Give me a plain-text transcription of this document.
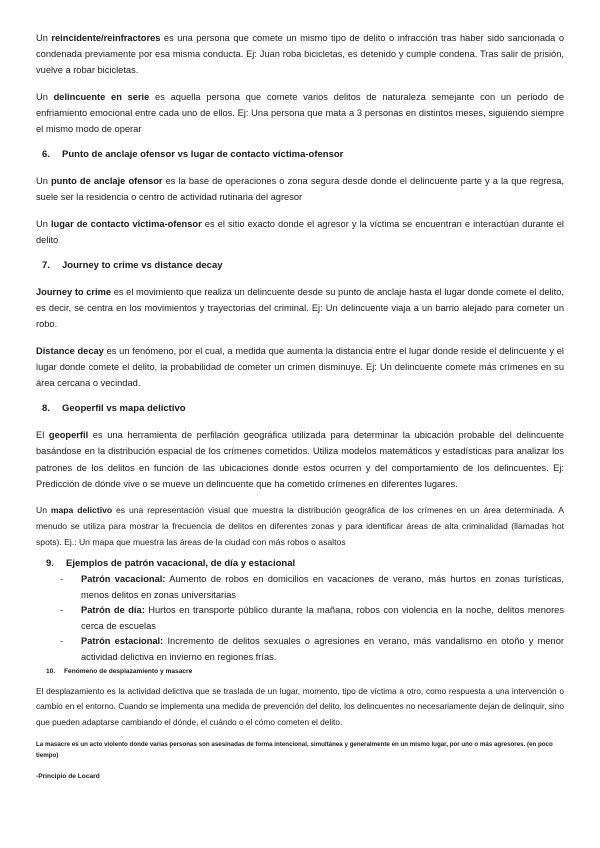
Un reincidente/reinfractores es una persona que comete un mismo tipo de delito o infracción tras haber sido sancionada o condenada previamente por esa misma conducta. Ej: Juan roba bicicletas, es detenido y cumple condena. Tras salir de prisión, vuelve a robar bicicletas.

Un delincuente en serie es aquella persona que comete varios delitos de naturaleza semejante con un periodo de enfriamiento emocional entre cada uno de ellos. Ej: Una persona que mata a 3 personas en distintos meses, siguiendo siempre el mismo modo de operar

6. Punto de anclaje ofensor vs lugar de contacto víctima-ofensor

Un punto de anclaje ofensor es la base de operaciones o zona segura desde donde el delincuente parte y a la que regresa, suele ser la residencia o centro de actividad rutinaria del agresor

Un lugar de contacto víctima-ofensor es el sitio exacto donde el agresor y la víctima se encuentran e interactúan durante el delito

7. Journey to crime vs distance decay

Journey to crime es el movimiento que realiza un delincuente desde su punto de anclaje hasta el lugar donde comete el delito, es decir, se centra en los movimientos y trayectorias del criminal. Ej: Un delincuente viaja a un barrio alejado para cometer un robo.

Distance decay es un fenómeno, por el cual, a medida que aumenta la distancia entre el lugar donde reside el delincuente y el lugar donde comete el delito, la probabilidad de cometer un crimen disminuye. Ej: Un delincuente comete más crímenes en su área cercana o vecindad.

8. Geoperfil vs mapa delictivo

El geoperfil es una herramienta de perfilación geográfica utilizada para determinar la ubicación probable del delincuente basándose en la distribución espacial de los crímenes cometidos. Utiliza modelos matemáticos y estadísticas para analizar los patrones de los delitos en función de las ubicaciones donde estos ocurren y del comportamiento de los delincuentes. Ej: Predicción de dónde vive o se mueve un delincuente que ha cometido crímenes en diferentes lugares.

Un mapa delictivo es una representación visual que muestra la distribución geográfica de los crímenes en un área determinada. A menudo se utiliza para mostrar la frecuencia de delitos en diferentes zonas y para identificar áreas de alta criminalidad (llamadas hot spots). Ej.: Un mapa que muestra las áreas de la ciudad con más robos o asaltos

9. Ejemplos de patrón vacacional, de día y estacional
- Patrón vacacional: Aumento de robos en domicilios en vacaciones de verano, más hurtos en zonas turísticas, menos delitos en zonas universitarias
- Patrón de día: Hurtos en transporte público durante la mañana, robos con violencia en la noche, delitos menores cerca de escuelas
- Patrón estacional: Incremento de delitos sexuales o agresiones en verano, más vandalismo en otoño y menor actividad delictiva en invierno en regiones frías.
10. Fenómeno de desplazamiento y masacre

El desplazamiento es la actividad delictiva que se traslada de un lugar, momento, tipo de víctima a otro, como respuesta a una intervención o cambio en el entorno. Cuando se implementa una medida de prevención del delito, los delincuentes no necesariamente dejan de delinquir, sino que pueden adaptarse cambiando el dónde, el cuándo o el cómo cometen el delito.

La masacre es un acto violento donde varias personas son asesinadas de forma intencional, simultánea y generalmente en un mismo lugar, por uno o más agresores. (en poco tiempo)

-Principio de Locard
